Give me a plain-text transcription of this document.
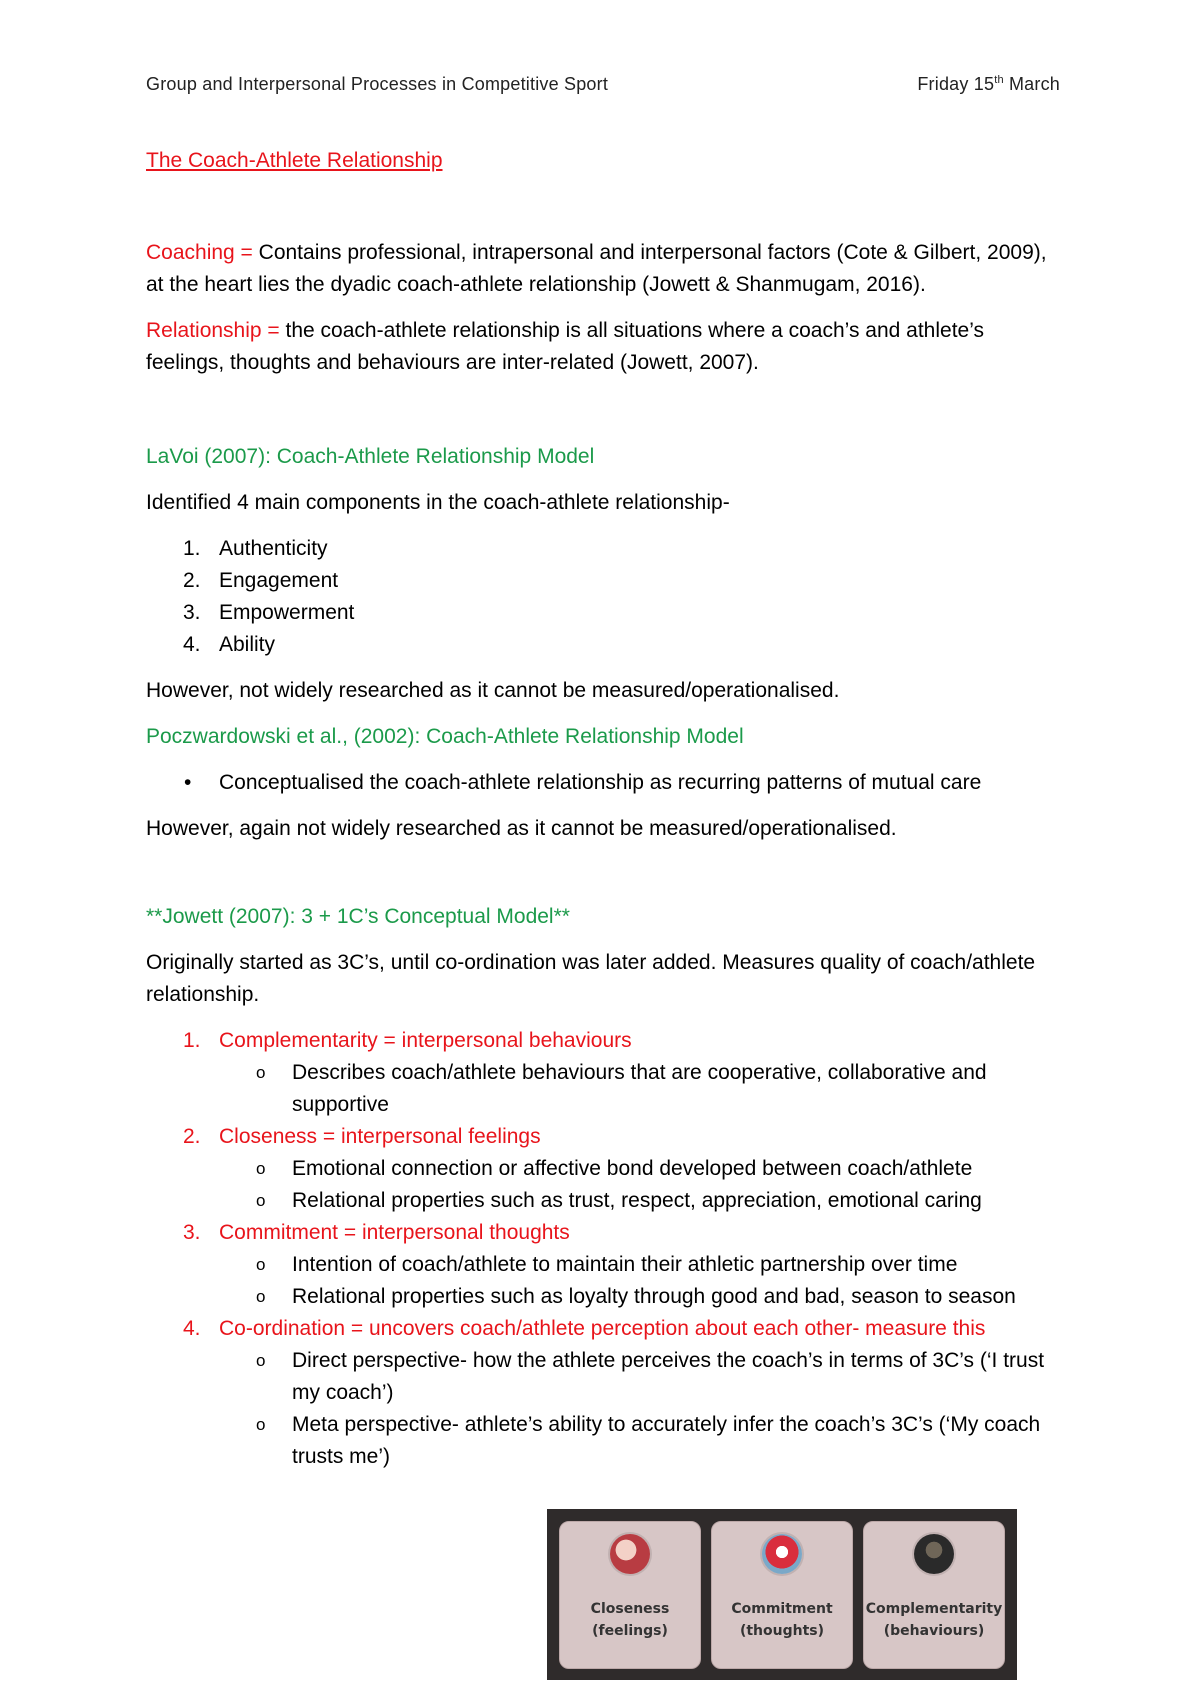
Group and Interpersonal Processes in Competitive Sport	Friday 15th March
The Coach-Athlete Relationship

Coaching = Contains professional, intrapersonal and interpersonal factors (Cote & Gilbert, 2009), at the heart lies the dyadic coach-athlete relationship (Jowett & Shanmugam, 2016).

Relationship = the coach-athlete relationship is all situations where a coach’s and athlete’s feelings, thoughts and behaviours are inter-related (Jowett, 2007).

LaVoi (2007): Coach-Athlete Relationship Model

Identified 4 main components in the coach-athlete relationship-

1. Authenticity
2. Engagement
3. Empowerment
4. Ability

However, not widely researched as it cannot be measured/operationalised.

Poczwardowski et al., (2002): Coach-Athlete Relationship Model

• Conceptualised the coach-athlete relationship as recurring patterns of mutual care

However, again not widely researched as it cannot be measured/operationalised.

**Jowett (2007): 3 + 1C’s Conceptual Model**

Originally started as 3C’s, until co-ordination was later added. Measures quality of coach/athlete relationship.

1. Complementarity = interpersonal behaviours
o Describes coach/athlete behaviours that are cooperative, collaborative and supportive
2. Closeness = interpersonal feelings
o Emotional connection or affective bond developed between coach/athlete
o Relational properties such as trust, respect, appreciation, emotional caring
3. Commitment = interpersonal thoughts
o Intention of coach/athlete to maintain their athletic partnership over time
o Relational properties such as loyalty through good and bad, season to season
4. Co-ordination = uncovers coach/athlete perception about each other- measure this
o Direct perspective- how the athlete perceives the coach’s in terms of 3C’s (‘I trust my coach’)
o Meta perspective- athlete’s ability to accurately infer the coach’s 3C’s (‘My coach trusts me’)
Closeness
(feelings)
Commitment
(thoughts)
Complementarity
(behaviours)
